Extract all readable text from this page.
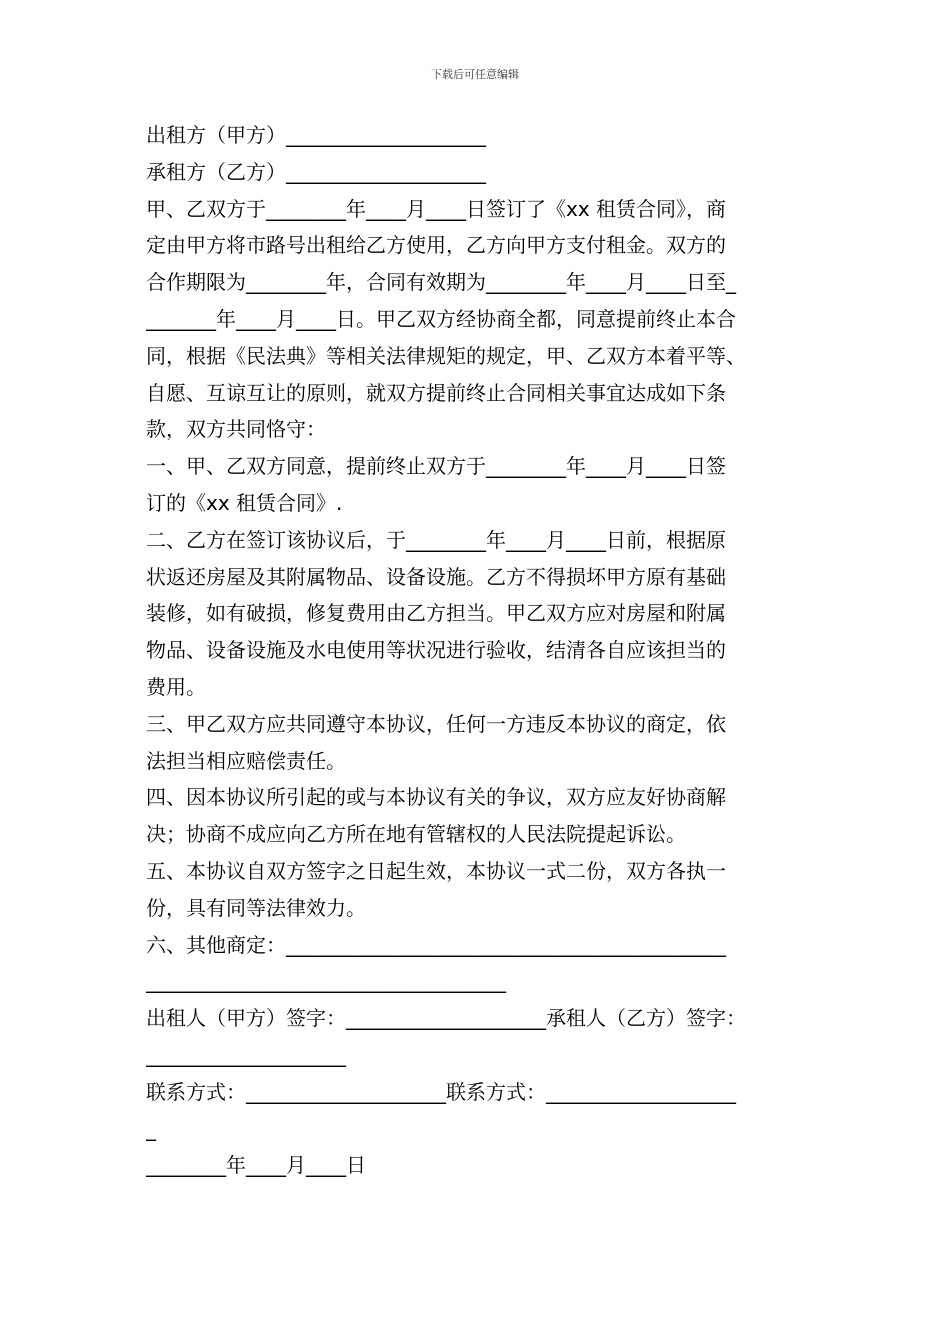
下载后可任意编辑
出租方（甲方）____________________
承租方（乙方）____________________
甲、乙双方于________年____月____日签订了《xx 租赁合同》，商
定由甲方将市路号出租给乙方使用，乙方向甲方支付租金。双方的
合作期限为________年，合同有效期为________年____月____日至_
_______年____月____日。甲乙双方经协商全都，同意提前终止本合
同，根据《民法典》等相关法律规矩的规定，甲、乙双方本着平等、
自愿、互谅互让的原则，就双方提前终止合同相关事宜达成如下条
款，双方共同恪守：
一、甲、乙双方同意，提前终止双方于________年____月____日签
订的《xx 租赁合同》.
二、乙方在签订该协议后，于________年____月____日前，根据原
状返还房屋及其附属物品、设备设施。乙方不得损坏甲方原有基础
装修，如有破损，修复费用由乙方担当。甲乙双方应对房屋和附属
物品、设备设施及水电使用等状况进行验收，结清各自应该担当的
费用。
三、甲乙双方应共同遵守本协议，任何一方违反本协议的商定，依
法担当相应赔偿责任。
四、因本协议所引起的或与本协议有关的争议，双方应友好协商解
决；协商不成应向乙方所在地有管辖权的人民法院提起诉讼。
五、本协议自双方签字之日起生效，本协议一式二份，双方各执一
份，具有同等法律效力。
六、其他商定：____________________________________________
____________________________________
出租人（甲方）签字：____________________承租人（乙方）签字：
____________________
联系方式：____________________联系方式：___________________
_
________年____月____日
